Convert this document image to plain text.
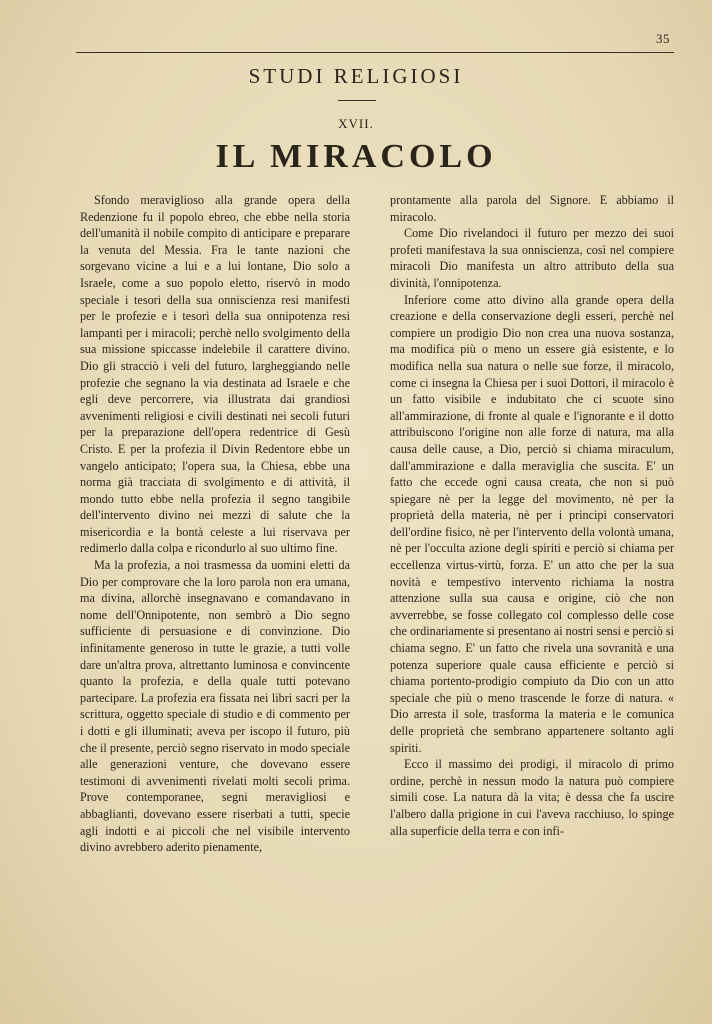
35
STUDI RELIGIOSI
XVII.
IL MIRACOLO

Sfondo meraviglioso alla grande opera della Redenzione fu il popolo ebreo, che ebbe nella storia dell'umanità il nobile compito di anticipare e preparare la venuta del Messia. Fra le tante nazioni che sorgevano vicine a lui e a lui lontane, Dio solo a Israele, come a suo popolo eletto, riservò in modo speciale i tesori della sua onniscienza resi manifesti per le profezie e i tesori della sua onnipotenza resi lampanti per i miracoli; perchè nello svolgimento della sua missione spiccasse indelebile il carattere divino. Dio gli stracciò i veli del futuro, largheggiando nelle profezie che segnano la via destinata ad Israele e che egli deve percorrere, via illustrata dai grandiosi avvenimenti religiosi e civili destinati nei secoli futuri per la preparazione dell'opera redentrice di Gesù Cristo. E per la profezia il Divin Redentore ebbe un vangelo anticipato; l'opera sua, la Chiesa, ebbe una norma già tracciata di svolgimento e di attività, il mondo tutto ebbe nella profezia il segno tangibile dell'intervento divino nei mezzi di salute che la misericordia e la bontà celeste a lui riservava per redimerlo dalla colpa e ricondurlo al suo ultimo fine.

Ma la profezia, a noi trasmessa da uomini eletti da Dio per comprovare che la loro parola non era umana, ma divina, allorchè insegnavano e comandavano in nome dell'Onnipotente, non sembrò a Dio segno sufficiente di persuasione e di convinzione. Dio infinitamente generoso in tutte le grazie, a tutti volle dare un'altra prova, altrettanto luminosa e convincente quanto la profezia, e della quale tutti potevano partecipare. La profezia era fissata nei libri sacri per la scrittura, oggetto speciale di studio e di commento per i dotti e gli illuminati; aveva per iscopo il futuro, più che il presente, perciò segno riservato in modo speciale alle generazioni venture, che dovevano essere testimoni di avvenimenti rivelati molti secoli prima. Prove contemporanee, segni meravigliosi e abbaglianti, dovevano essere riserbati a tutti, specie agli indotti e ai piccoli che nel visibile intervento divino avrebbero aderito pienamente,

prontamente alla parola del Signore. E abbiamo il miracolo.

Come Dio rivelandoci il futuro per mezzo dei suoi profeti manifestava la sua onniscienza, così nel compiere miracoli Dio manifesta un altro attributo della sua divinità, l'onnipotenza.

Inferiore come atto divino alla grande opera della creazione e della conservazione degli esseri, perchè nel compiere un prodigio Dio non crea una nuova sostanza, ma modifica più o meno un essere già esistente, e lo modifica nella sua natura o nelle sue forze, il miracolo, come ci insegna la Chiesa per i suoi Dottori, il miracolo è un fatto visibile e indubitato che ci scuote sino all'ammirazione, di fronte al quale e l'ignorante e il dotto attribuiscono l'origine non alle forze di natura, ma alla causa delle cause, a Dio, perciò si chiama miraculum, dall'ammirazione e dalla meraviglia che suscita. E' un fatto che eccede ogni causa creata, che non si può spiegare nè per la legge del movimento, nè per la proprietà della materia, nè per i principi conservatori dell'ordine fisico, nè per l'intervento della volontà umana, nè per l'occulta azione degli spiriti e perciò si chiama per eccellenza virtus-virtù, forza. E' un atto che per la sua novità e tempestivo intervento richiama la nostra attenzione sulla sua causa e origine, ciò che non avverrebbe, se fosse collegato col complesso delle cose che ordinariamente si presentano ai nostri sensi e perciò si chiama segno. E' un fatto che rivela una sovranità e una potenza superiore quale causa efficiente e perciò si chiama portento-prodigio compiuto da Dio con un atto speciale che più o meno trascende le forze di natura. « Dio arresta il sole, trasforma la materia e le comunica delle proprietà che sembrano appartenere soltanto agli spiriti.

Ecco il massimo dei prodigi, il miracolo di primo ordine, perchè in nessun modo la natura può compiere simili cose. La natura dà la vita; è dessa che fa uscire l'albero dalla prigione in cui l'aveva racchiuso, lo spinge alla superficie della terra e con infi-
